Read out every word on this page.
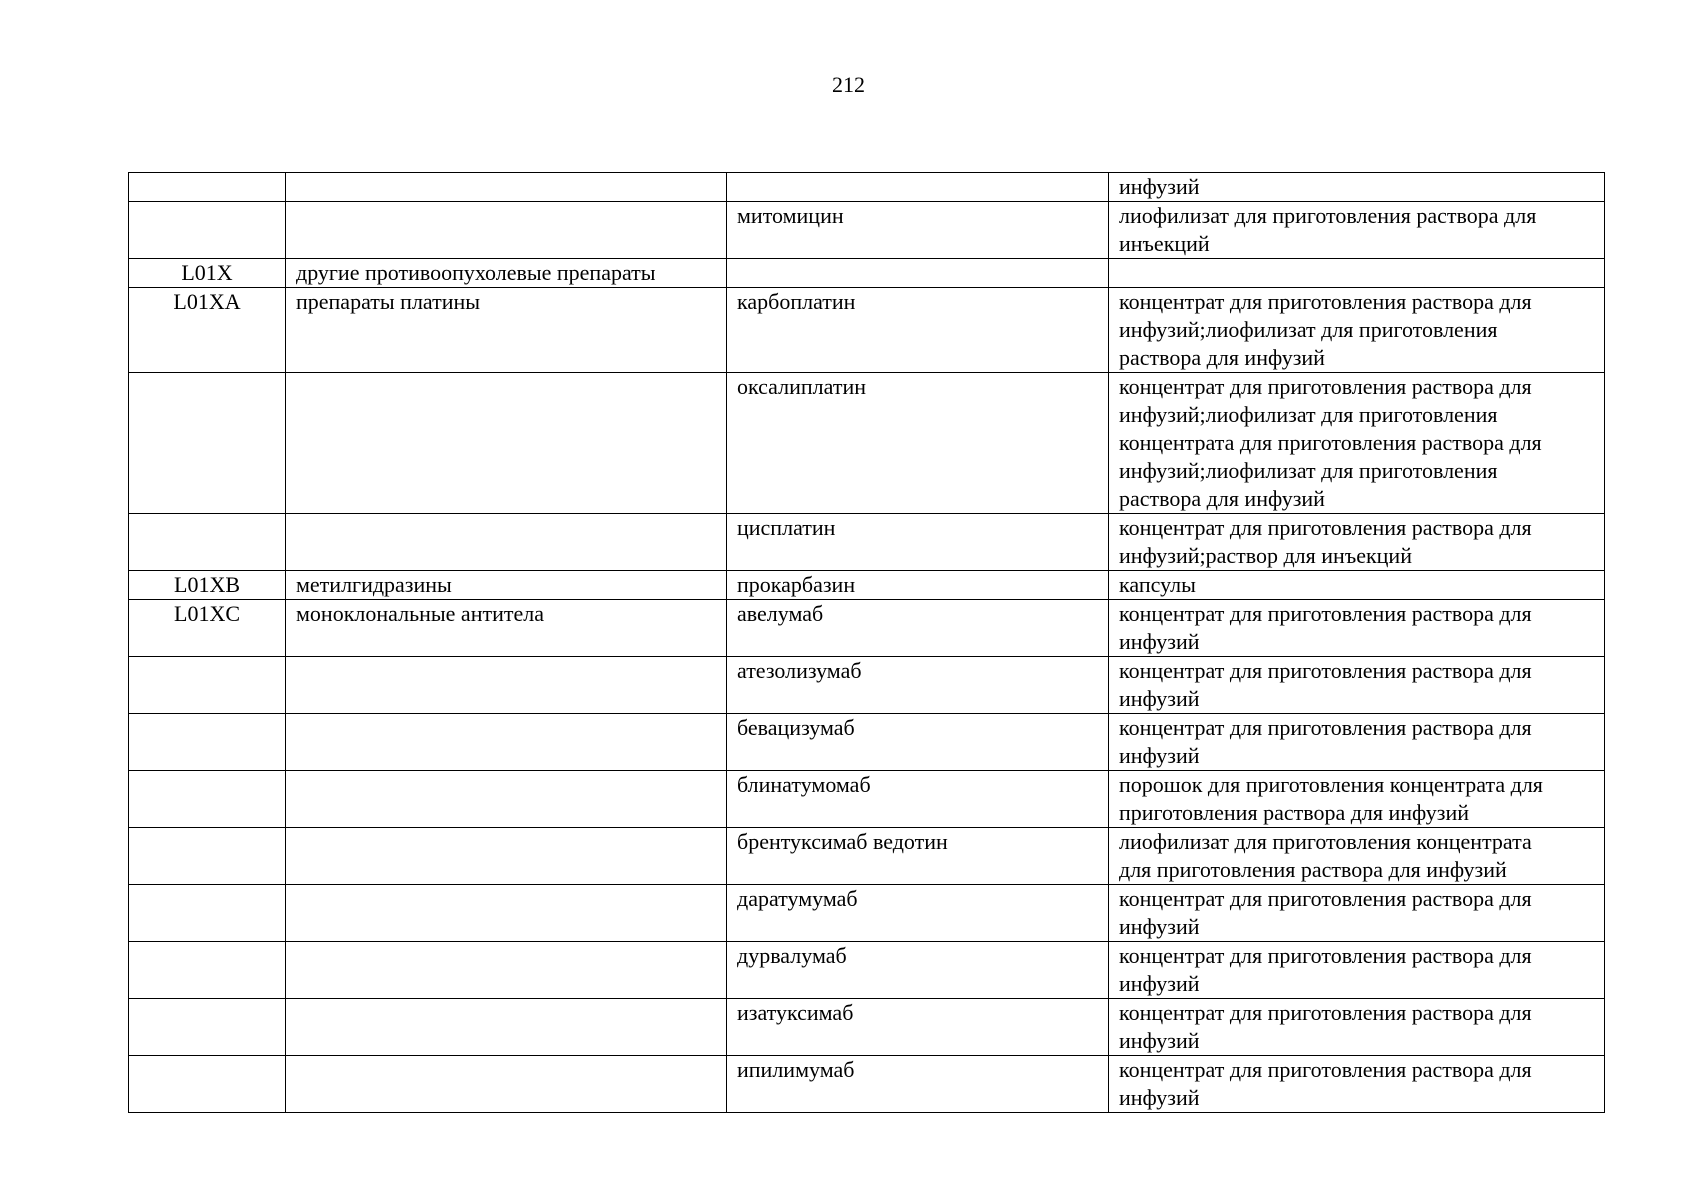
212
			инфузий
		митомицин	лиофилизат для приготовления раствора для
инъекций
L01X	другие противоопухолевые препараты		
L01XA	препараты платины	карбоплатин	концентрат для приготовления раствора для
инфузий;лиофилизат для приготовления
раствора для инфузий
		оксалиплатин	концентрат для приготовления раствора для
инфузий;лиофилизат для приготовления
концентрата для приготовления раствора для
инфузий;лиофилизат для приготовления
раствора для инфузий
		цисплатин	концентрат для приготовления раствора для
инфузий;раствор для инъекций
L01XB	метилгидразины	прокарбазин	капсулы
L01XC	моноклональные антитела	авелумаб	концентрат для приготовления раствора для
инфузий
		атезолизумаб	концентрат для приготовления раствора для
инфузий
		бевацизумаб	концентрат для приготовления раствора для
инфузий
		блинатумомаб	порошок для приготовления концентрата для
приготовления раствора для инфузий
		брентуксимаб ведотин	лиофилизат для приготовления концентрата
для приготовления раствора для инфузий
		даратумумаб	концентрат для приготовления раствора для
инфузий
		дурвалумаб	концентрат для приготовления раствора для
инфузий
		изатуксимаб	концентрат для приготовления раствора для
инфузий
		ипилимумаб	концентрат для приготовления раствора для
инфузий
